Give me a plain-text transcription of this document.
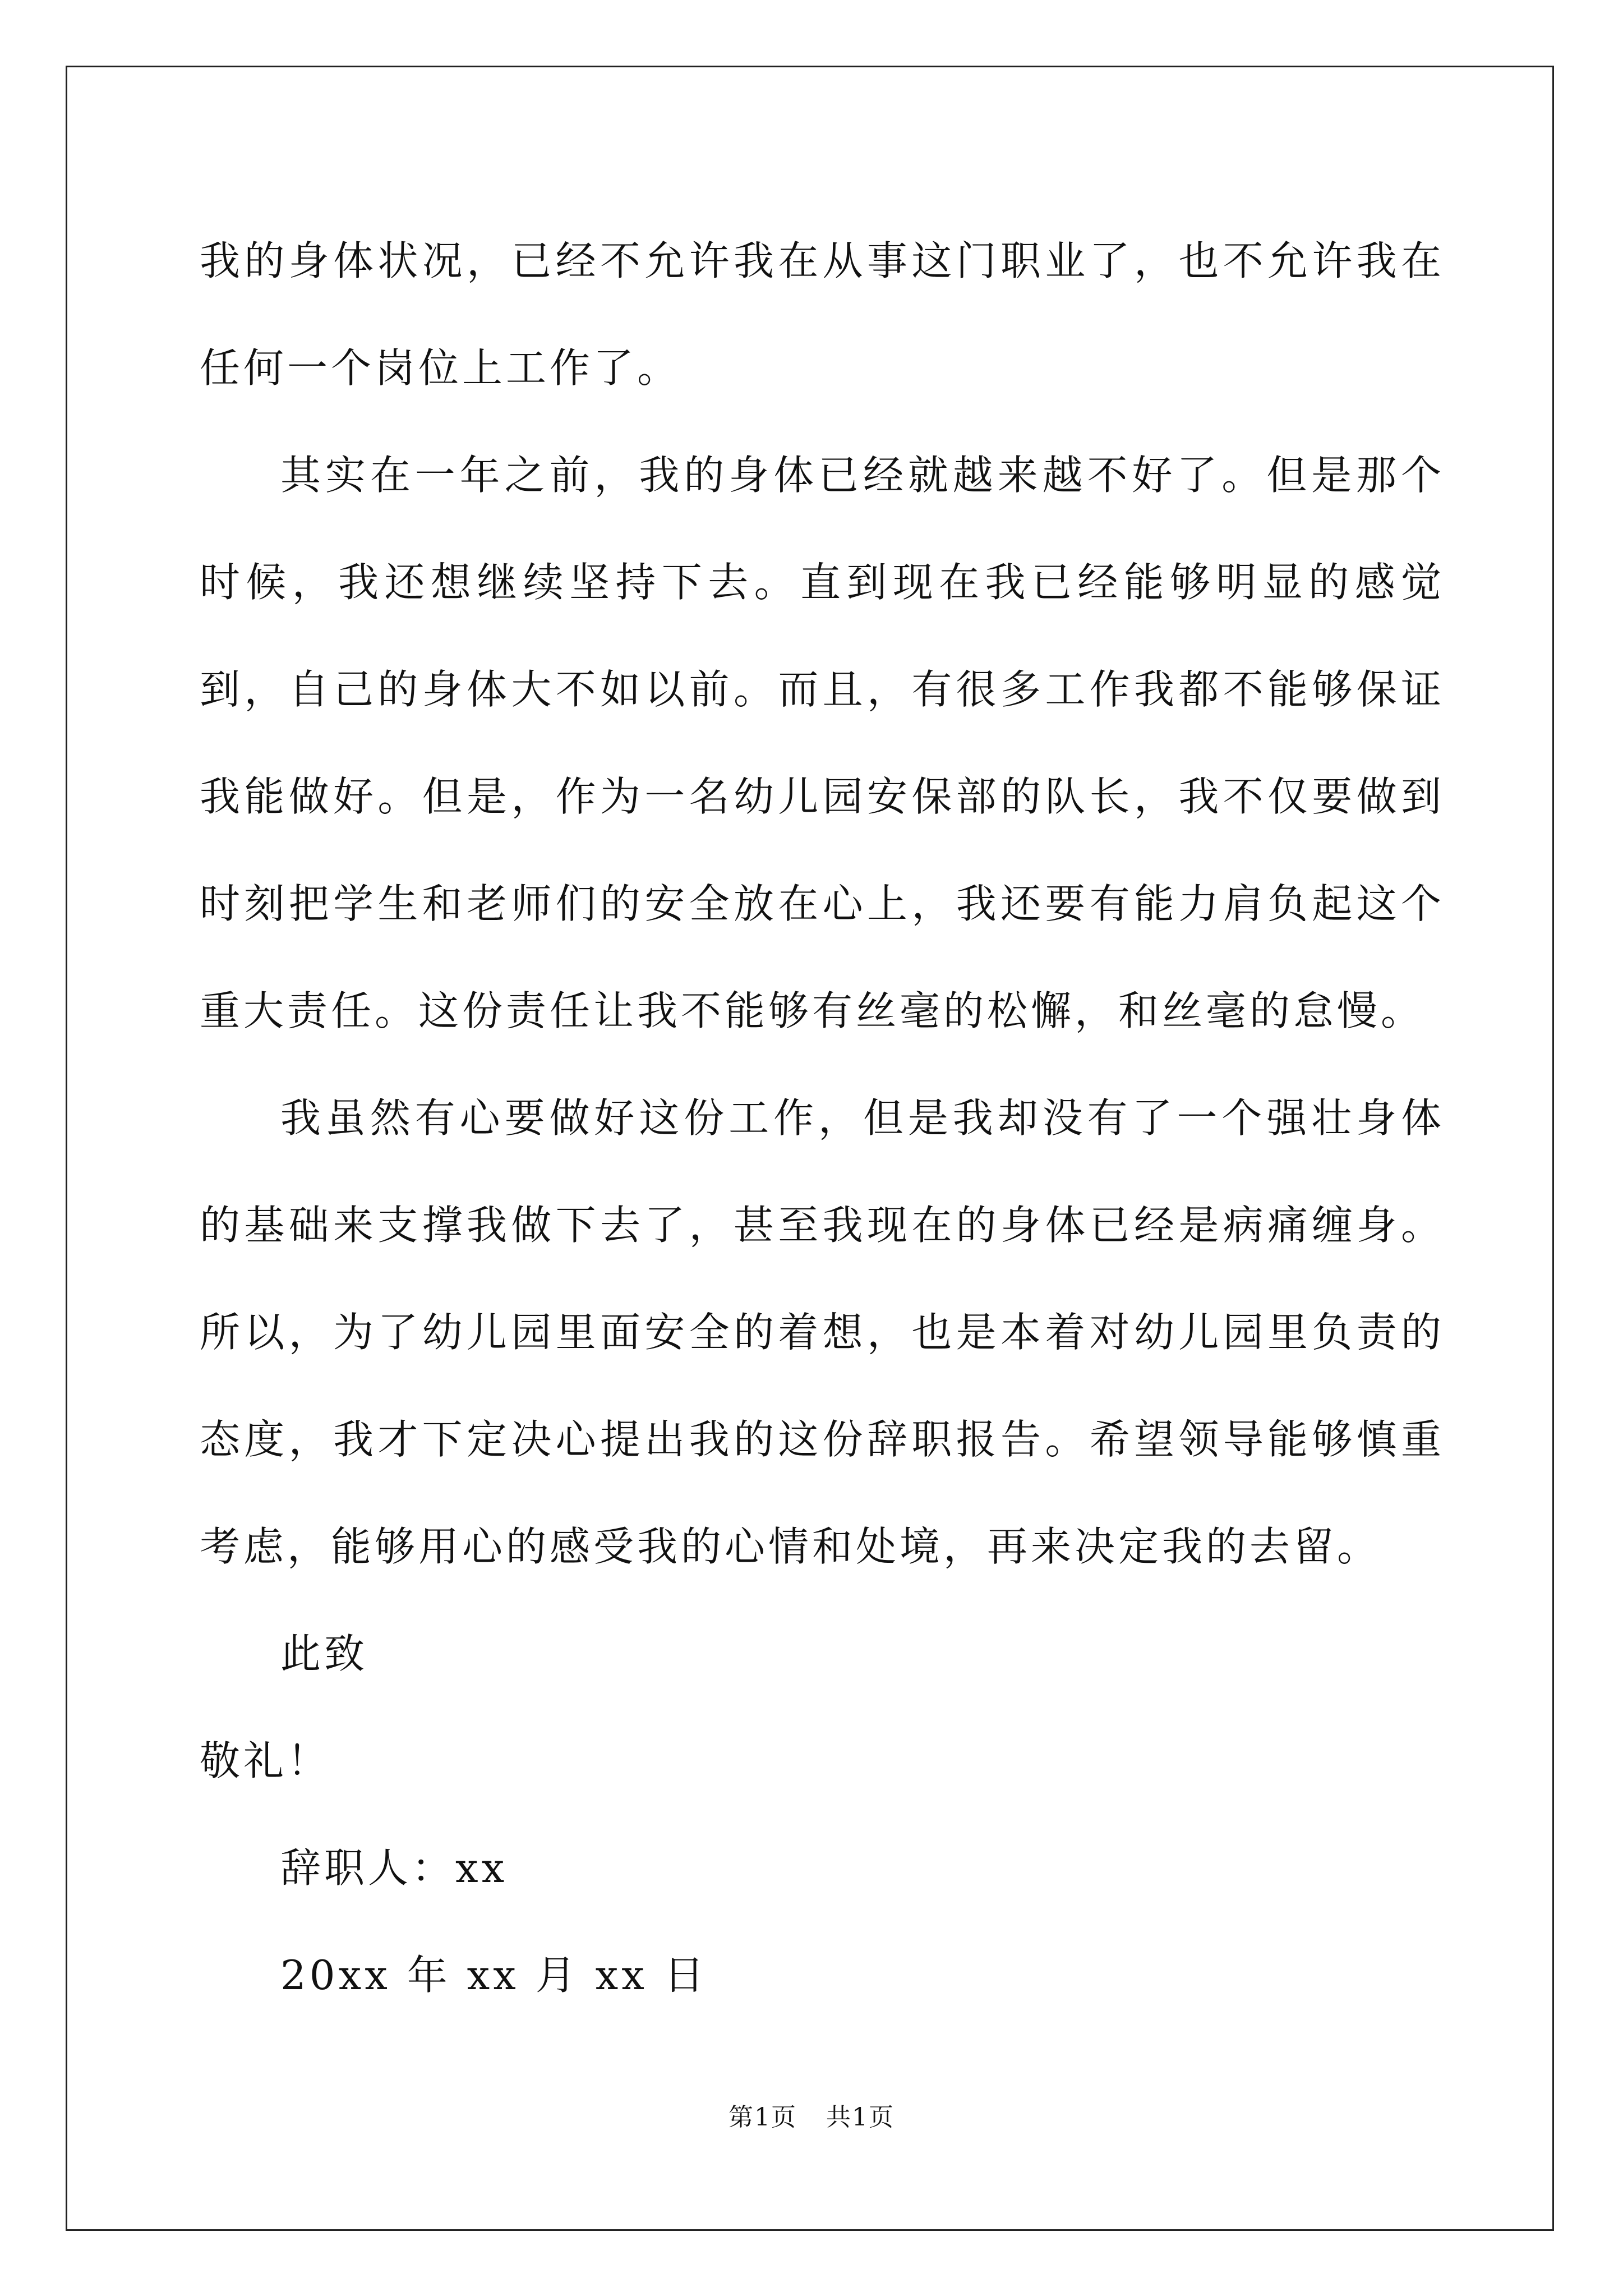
我的身体状况，已经不允许我在从事这门职业了，也不允许我在任何一个岗位上工作了。

其实在一年之前，我的身体已经就越来越不好了。但是那个时候，我还想继续坚持下去。直到现在我已经能够明显的感觉到，自己的身体大不如以前。而且，有很多工作我都不能够保证我能做好。但是，作为一名幼儿园安保部的队长，我不仅要做到时刻把学生和老师们的安全放在心上，我还要有能力肩负起这个重大责任。这份责任让我不能够有丝毫的松懈，和丝毫的怠慢。

我虽然有心要做好这份工作，但是我却没有了一个强壮身体的基础来支撑我做下去了，甚至我现在的身体已经是病痛缠身。所以，为了幼儿园里面安全的着想，也是本着对幼儿园里负责的态度，我才下定决心提出我的这份辞职报告。希望领导能够慎重考虑，能够用心的感受我的心情和处境，再来决定我的去留。

此致

敬礼！

辞职人：xx

20xx 年 xx 月 xx 日

第1页 共1页
